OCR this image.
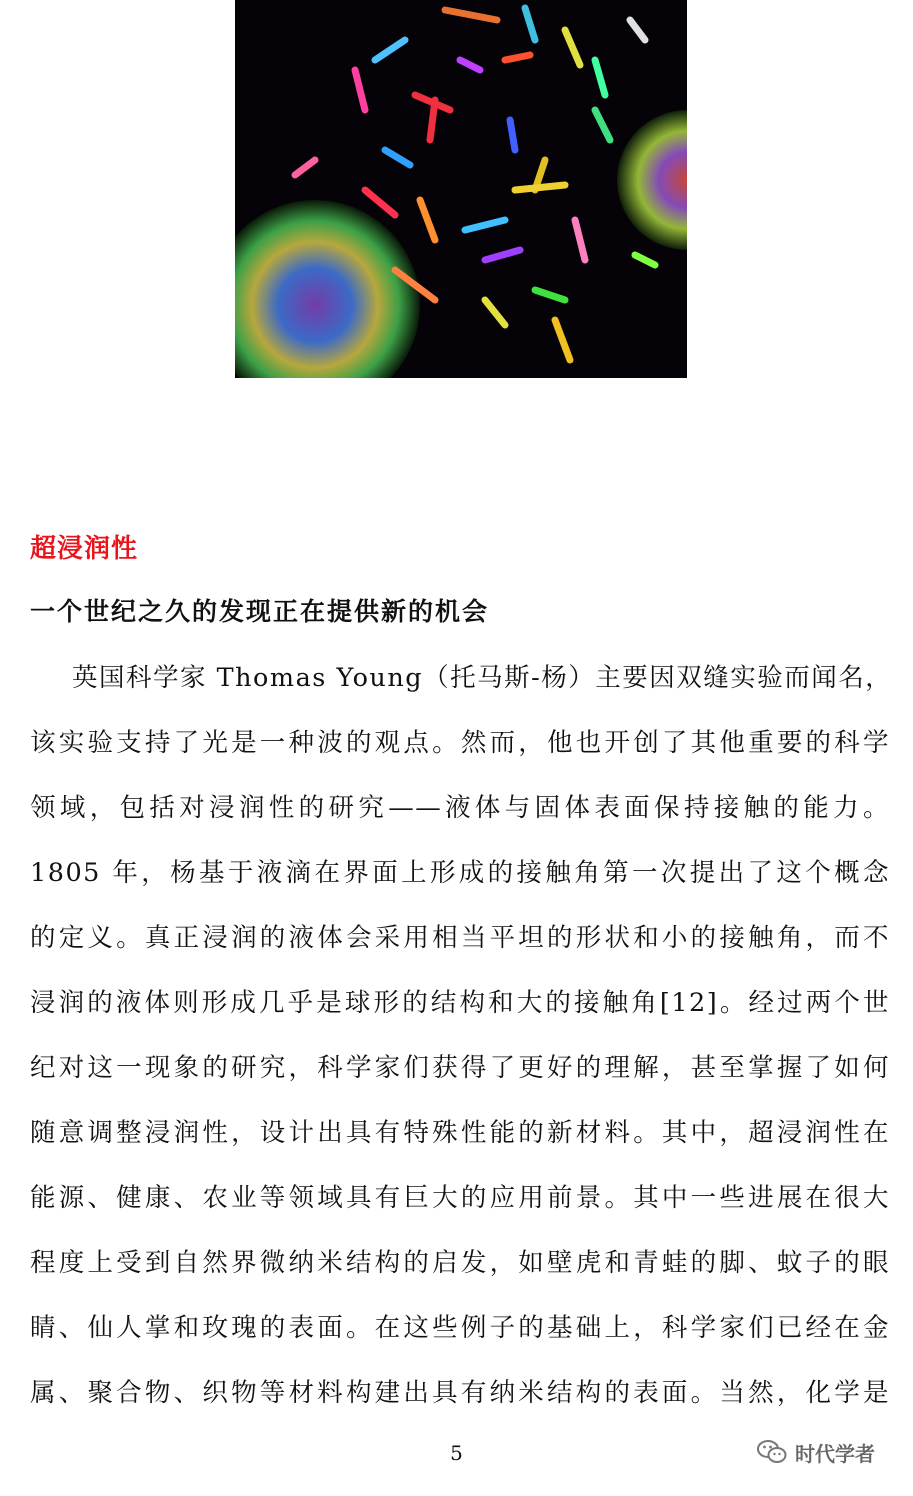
超浸润性
一个世纪之久的发现正在提供新的机会
英国科学家 Thomas Young（托马斯-杨）主要因双缝实验而闻名，
该实验支持了光是一种波的观点。然而，他也开创了其他重要的科学
领域，包括对浸润性的研究——液体与固体表面保持接触的能力。
1805 年，杨基于液滴在界面上形成的接触角第一次提出了这个概念
的定义。真正浸润的液体会采用相当平坦的形状和小的接触角，而不
浸润的液体则形成几乎是球形的结构和大的接触角[12]。经过两个世
纪对这一现象的研究，科学家们获得了更好的理解，甚至掌握了如何
随意调整浸润性，设计出具有特殊性能的新材料。其中，超浸润性在
能源、健康、农业等领域具有巨大的应用前景。其中一些进展在很大
程度上受到自然界微纳米结构的启发，如壁虎和青蛙的脚、蚊子的眼
睛、仙人掌和玫瑰的表面。在这些例子的基础上，科学家们已经在金
属、聚合物、织物等材料构建出具有纳米结构的表面。当然，化学是
5	时代学者
